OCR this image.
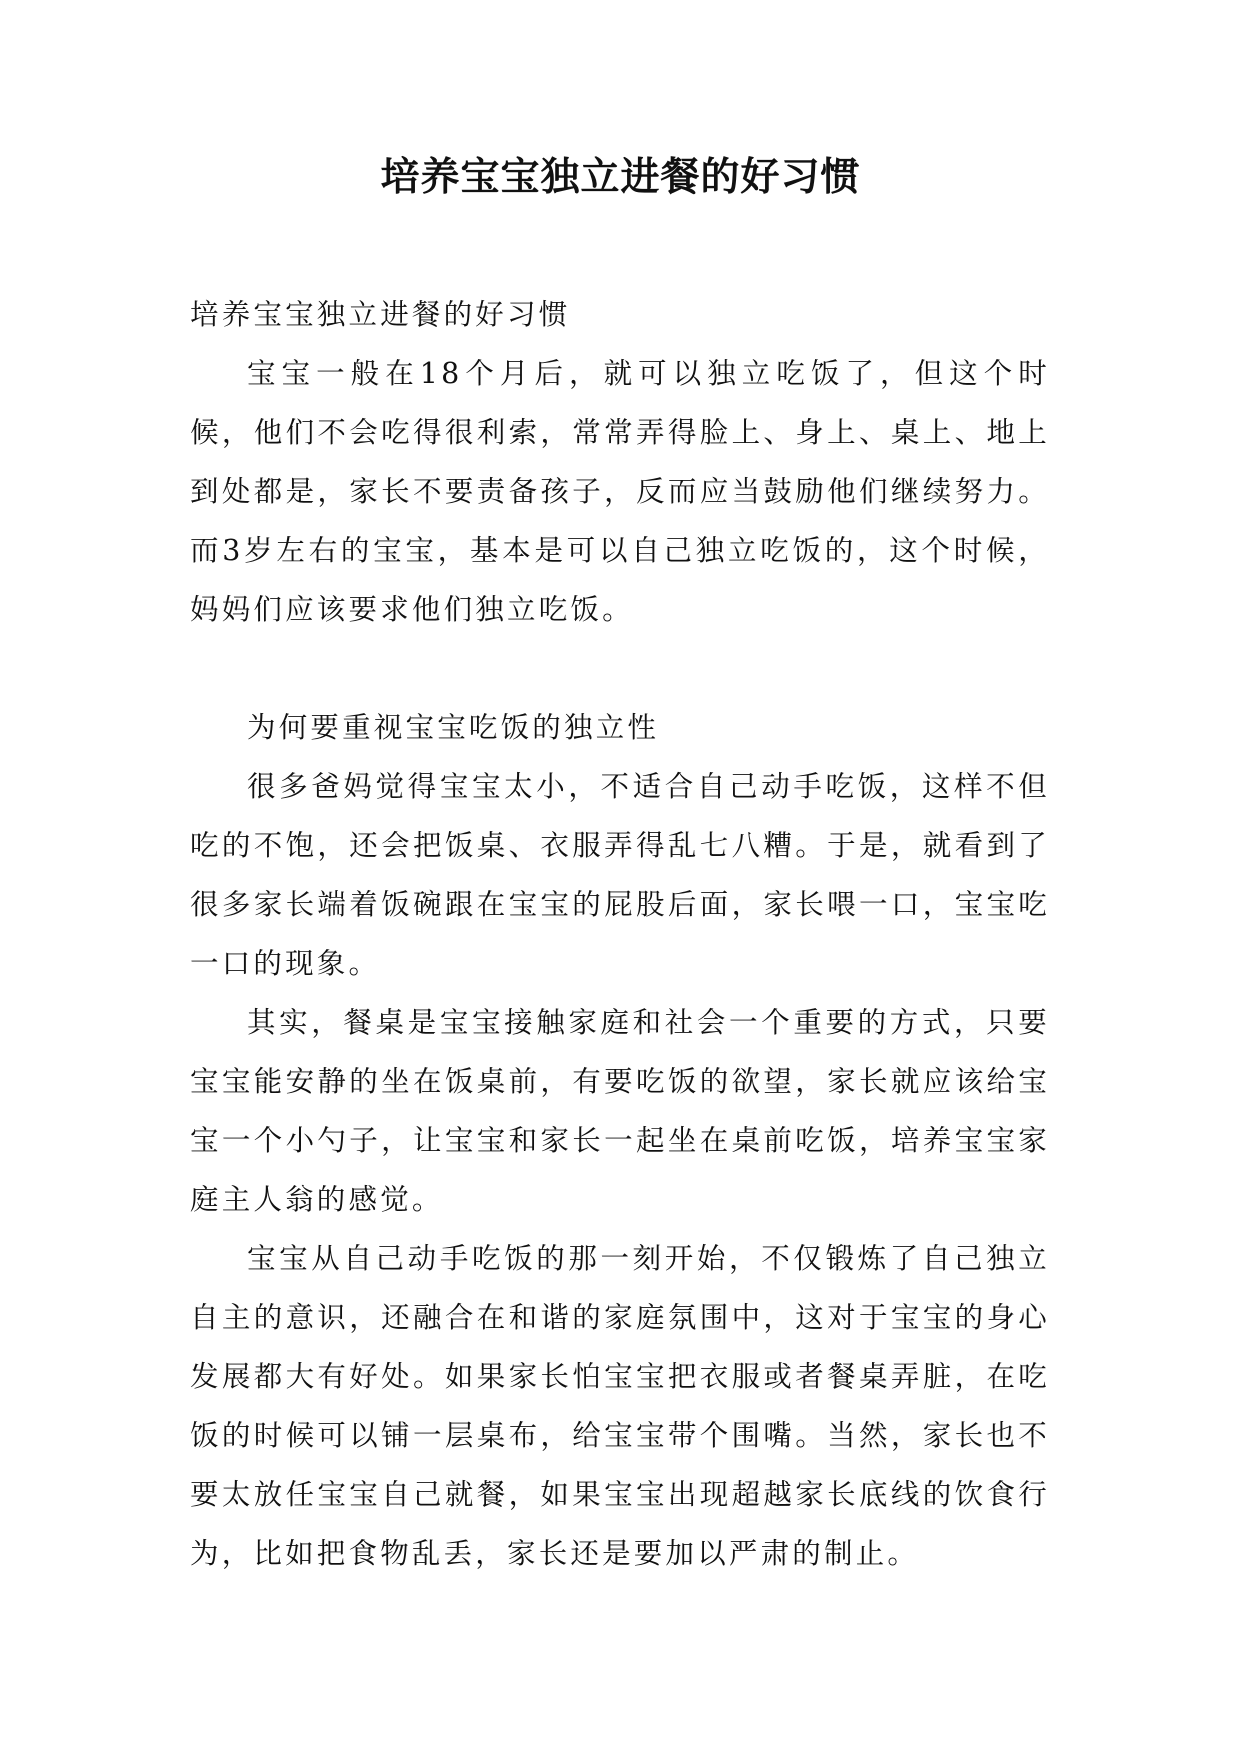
培养宝宝独立进餐的好习惯

培养宝宝独立进餐的好习惯

宝宝一般在18个月后，就可以独立吃饭了，但这个时候，他们不会吃得很利索，常常弄得脸上、身上、桌上、地上到处都是，家长不要责备孩子，反而应当鼓励他们继续努力。而3岁左右的宝宝，基本是可以自己独立吃饭的，这个时候，妈妈们应该要求他们独立吃饭。

为何要重视宝宝吃饭的独立性

很多爸妈觉得宝宝太小，不适合自己动手吃饭，这样不但吃的不饱，还会把饭桌、衣服弄得乱七八糟。于是，就看到了很多家长端着饭碗跟在宝宝的屁股后面，家长喂一口，宝宝吃一口的现象。

其实，餐桌是宝宝接触家庭和社会一个重要的方式，只要宝宝能安静的坐在饭桌前，有要吃饭的欲望，家长就应该给宝宝一个小勺子，让宝宝和家长一起坐在桌前吃饭，培养宝宝家庭主人翁的感觉。

宝宝从自己动手吃饭的那一刻开始，不仅锻炼了自己独立自主的意识，还融合在和谐的家庭氛围中，这对于宝宝的身心发展都大有好处。如果家长怕宝宝把衣服或者餐桌弄脏，在吃饭的时候可以铺一层桌布，给宝宝带个围嘴。当然，家长也不要太放任宝宝自己就餐，如果宝宝出现超越家长底线的饮食行为，比如把食物乱丢，家长还是要加以严肃的制止。
